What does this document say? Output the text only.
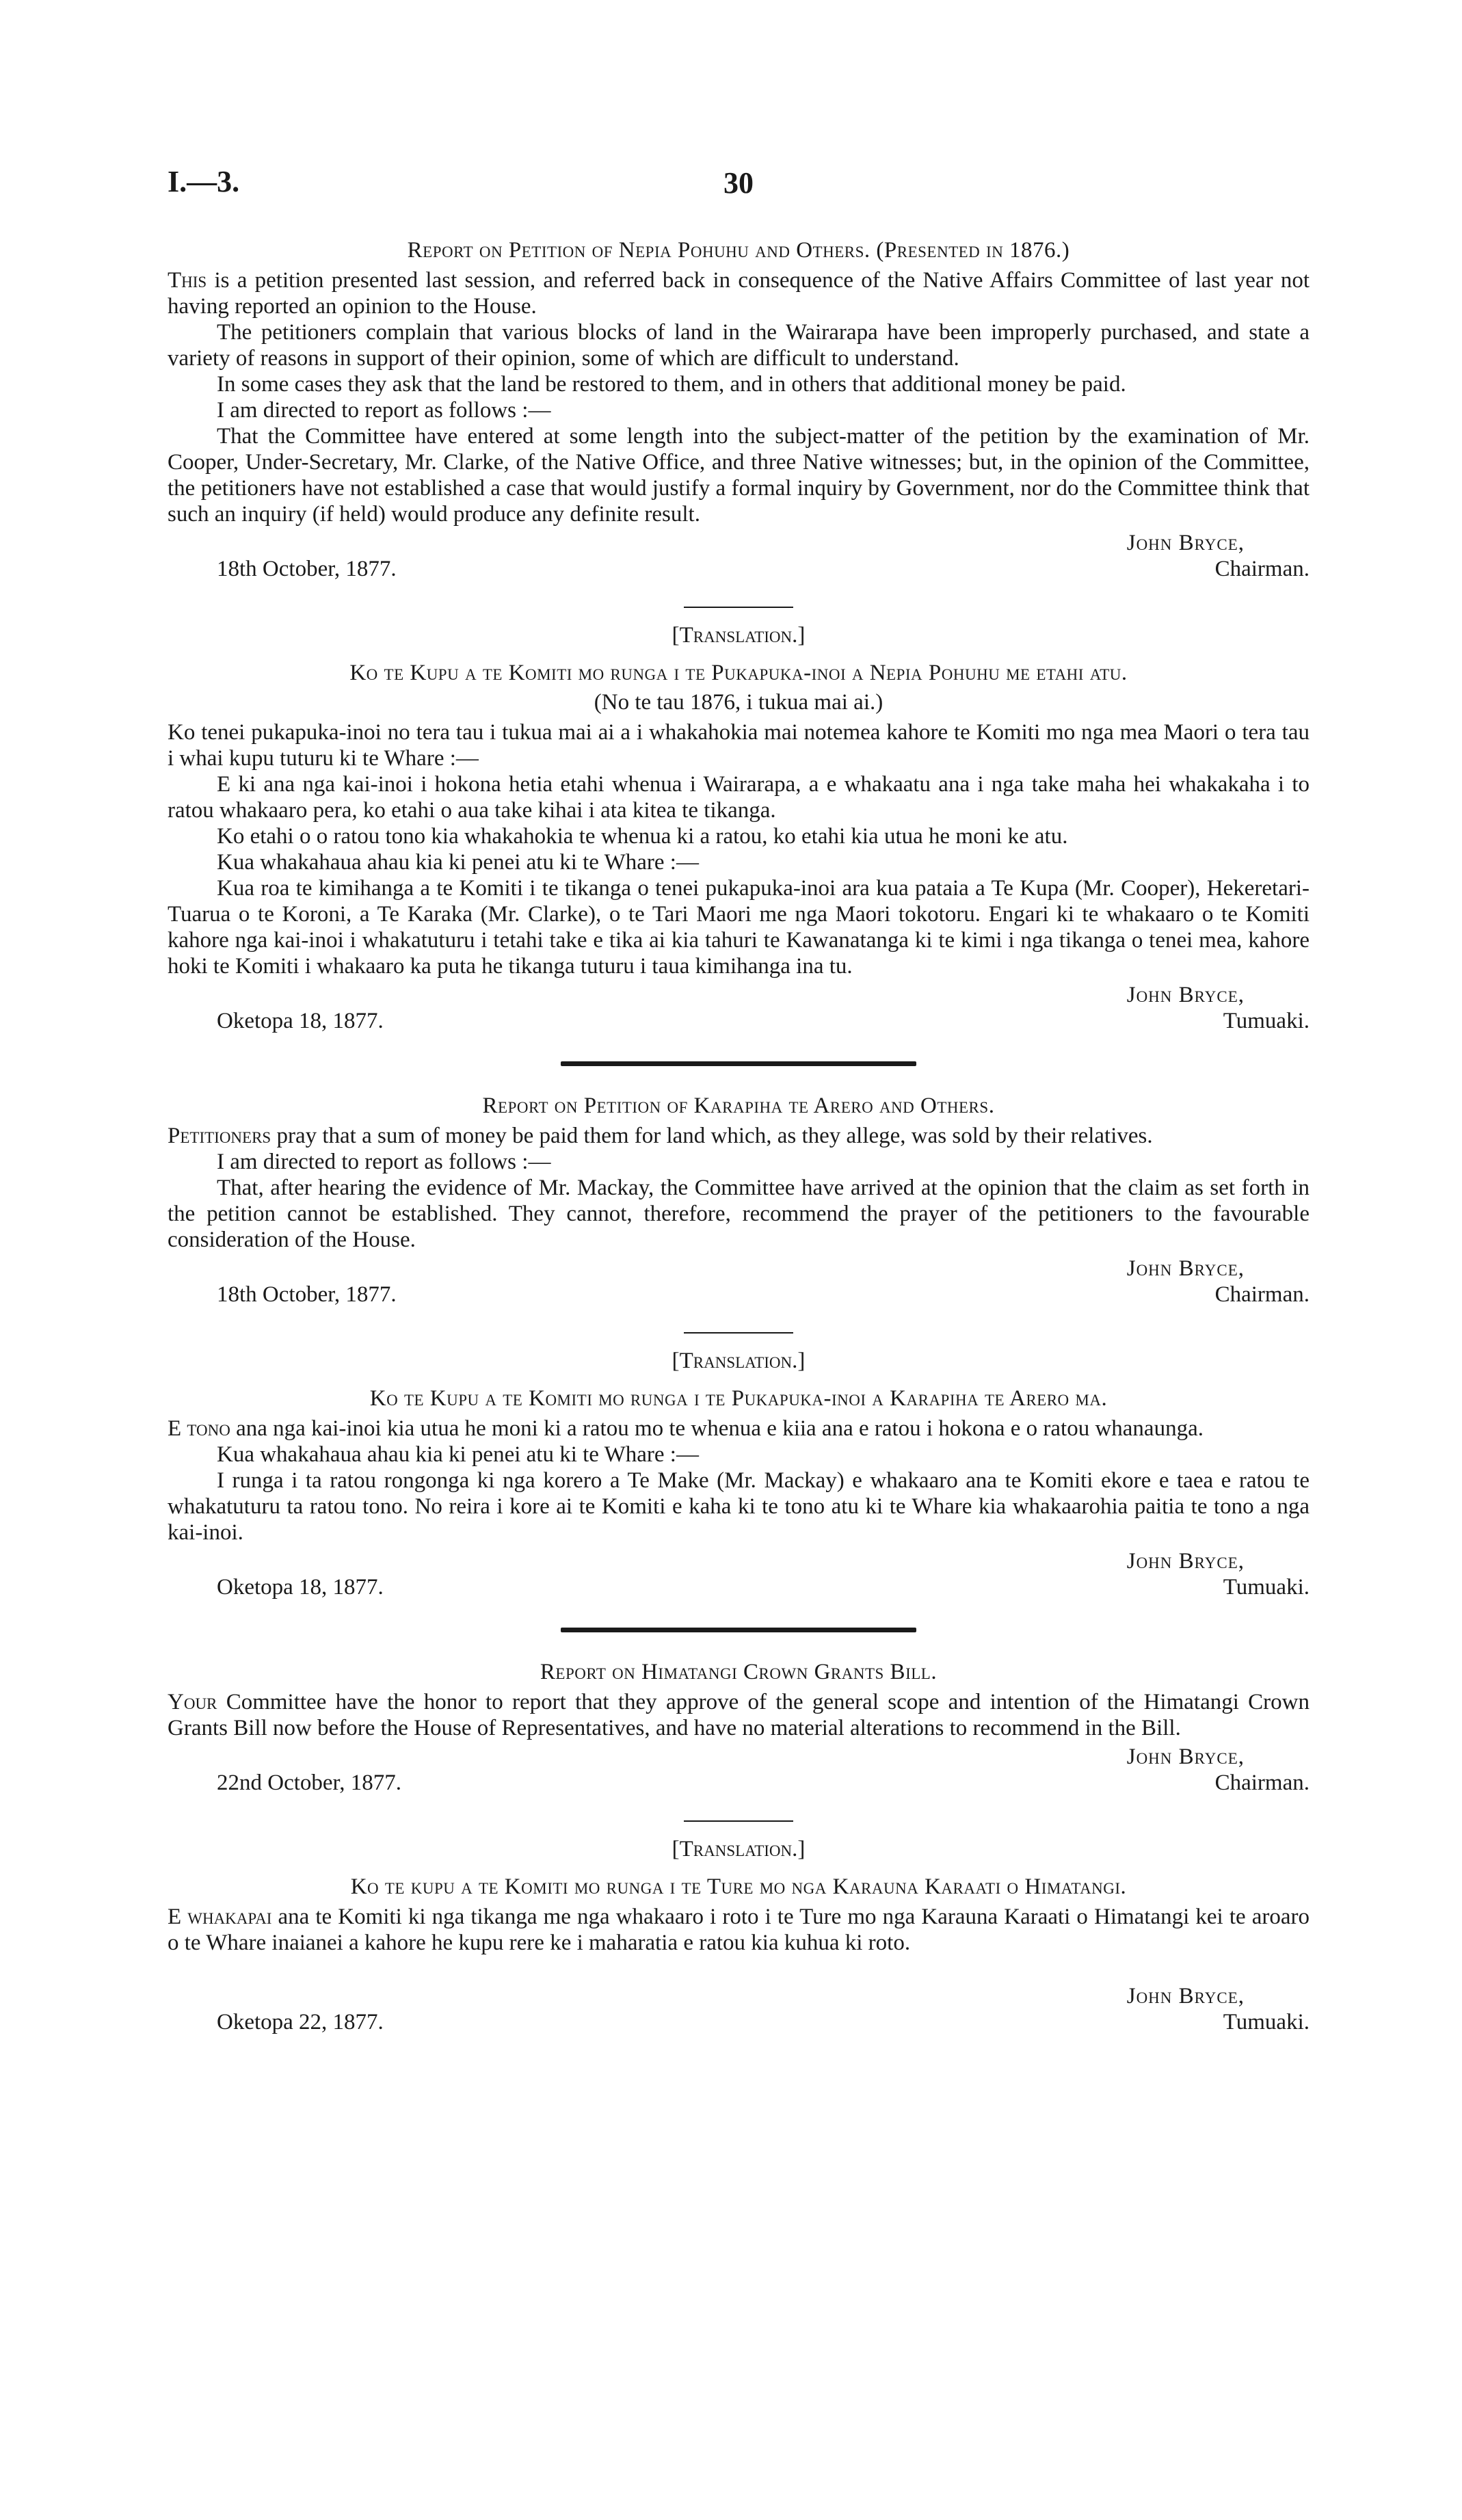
I.—3.	30
Report on Petition of Nepia Pohuhu and Others. (Presented in 1876.)

This is a petition presented last session, and referred back in consequence of the Native Affairs Committee of last year not having reported an opinion to the House.

The petitioners complain that various blocks of land in the Wairarapa have been improperly purchased, and state a variety of reasons in support of their opinion, some of which are difficult to understand.

In some cases they ask that the land be restored to them, and in others that additional money be paid.

I am directed to report as follows :—

That the Committee have entered at some length into the subject-matter of the petition by the examination of Mr. Cooper, Under-Secretary, Mr. Clarke, of the Native Office, and three Native witnesses; but, in the opinion of the Committee, the petitioners have not established a case that would justify a formal inquiry by Government, nor do the Committee think that such an inquiry (if held) would produce any definite result.

John Bryce,
18th October, 1877.	Chairman.
[Translation.]
Ko te Kupu a te Komiti mo runga i te Pukapuka-inoi a Nepia Pohuhu me etahi atu.
(No te tau 1876, i tukua mai ai.)

Ko tenei pukapuka-inoi no tera tau i tukua mai ai a i whakahokia mai notemea kahore te Komiti mo nga mea Maori o tera tau i whai kupu tuturu ki te Whare :—

E ki ana nga kai-inoi i hokona hetia etahi whenua i Wairarapa, a e whakaatu ana i nga take maha hei whakakaha i to ratou whakaaro pera, ko etahi o aua take kihai i ata kitea te tikanga.

Ko etahi o o ratou tono kia whakahokia te whenua ki a ratou, ko etahi kia utua he moni ke atu.

Kua whakahaua ahau kia ki penei atu ki te Whare :—

Kua roa te kimihanga a te Komiti i te tikanga o tenei pukapuka-inoi ara kua pataia a Te Kupa (Mr. Cooper), Hekeretari-Tuarua o te Koroni, a Te Karaka (Mr. Clarke), o te Tari Maori me nga Maori tokotoru. Engari ki te whakaaro o te Komiti kahore nga kai-inoi i whakatuturu i tetahi take e tika ai kia tahuri te Kawanatanga ki te kimi i nga tikanga o tenei mea, kahore hoki te Komiti i whakaaro ka puta he tikanga tuturu i taua kimihanga ina tu.

John Bryce,
Oketopa 18, 1877.	Tumuaki.
Report on Petition of Karapiha te Arero and Others.

Petitioners pray that a sum of money be paid them for land which, as they allege, was sold by their relatives.

I am directed to report as follows :—

That, after hearing the evidence of Mr. Mackay, the Committee have arrived at the opinion that the claim as set forth in the petition cannot be established. They cannot, therefore, recommend the prayer of the petitioners to the favourable consideration of the House.

John Bryce,
18th October, 1877.	Chairman.
[Translation.]
Ko te Kupu a te Komiti mo runga i te Pukapuka-inoi a Karapiha te Arero ma.

E tono ana nga kai-inoi kia utua he moni ki a ratou mo te whenua e kiia ana e ratou i hokona e o ratou whanaunga.

Kua whakahaua ahau kia ki penei atu ki te Whare :—

I runga i ta ratou rongonga ki nga korero a Te Make (Mr. Mackay) e whakaaro ana te Komiti ekore e taea e ratou te whakatuturu ta ratou tono. No reira i kore ai te Komiti e kaha ki te tono atu ki te Whare kia whakaarohia paitia te tono a nga kai-inoi.

John Bryce,
Oketopa 18, 1877.	Tumuaki.
Report on Himatangi Crown Grants Bill.

Your Committee have the honor to report that they approve of the general scope and intention of the Himatangi Crown Grants Bill now before the House of Representatives, and have no material alterations to recommend in the Bill.

John Bryce,
22nd October, 1877.	Chairman.
[Translation.]
Ko te kupu a te Komiti mo runga i te Ture mo nga Karauna Karaati o Himatangi.

E whakapai ana te Komiti ki nga tikanga me nga whakaaro i roto i te Ture mo nga Karauna Karaati o Himatangi kei te aroaro o te Whare inaianei a kahore he kupu rere ke i maharatia e ratou kia kuhua ki roto.

John Bryce,
Oketopa 22, 1877.	Tumuaki.
